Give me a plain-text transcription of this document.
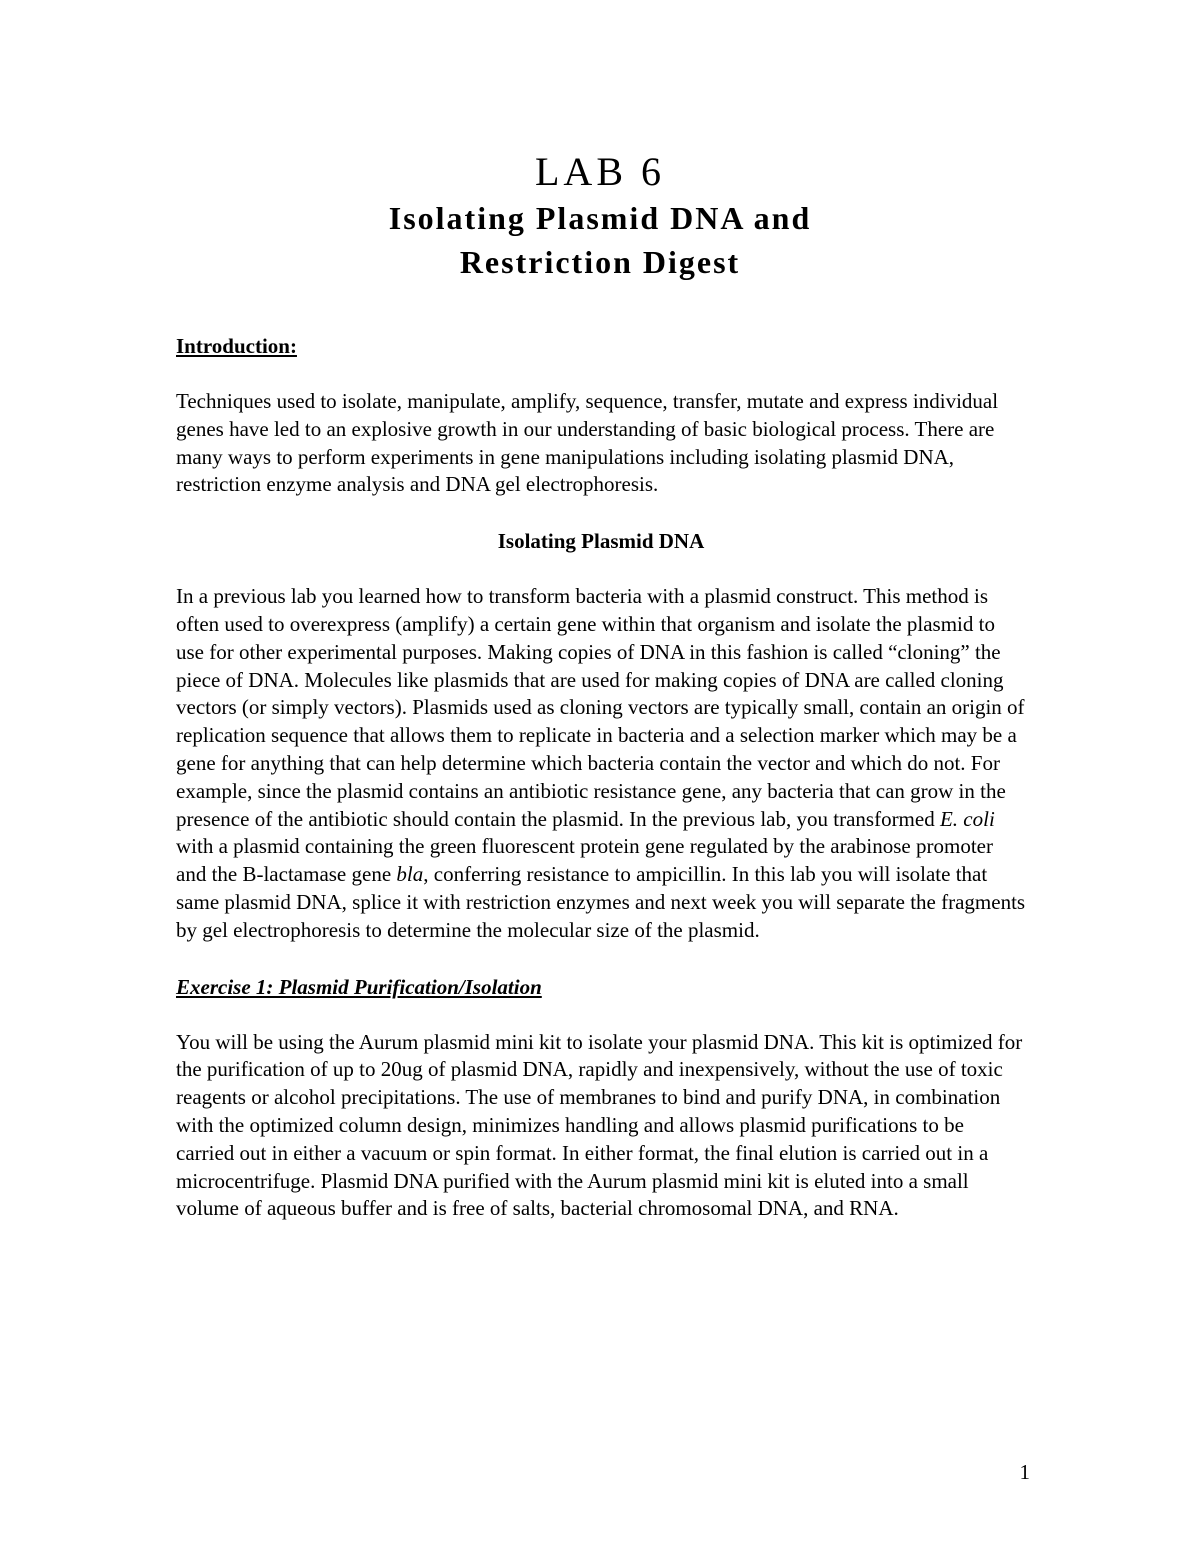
LAB 6
Isolating Plasmid DNA and
Restriction Digest
Introduction:

Techniques used to isolate, manipulate, amplify, sequence, transfer, mutate and express individual genes have led to an explosive growth in our understanding of basic biological process. There are many ways to perform experiments in gene manipulations including isolating plasmid DNA, restriction enzyme analysis and DNA gel electrophoresis.

Isolating Plasmid DNA

In a previous lab you learned how to transform bacteria with a plasmid construct. This method is often used to overexpress (amplify) a certain gene within that organism and isolate the plasmid to use for other experimental purposes. Making copies of DNA in this fashion is called “cloning” the piece of DNA. Molecules like plasmids that are used for making copies of DNA are called cloning vectors (or simply vectors). Plasmids used as cloning vectors are typically small, contain an origin of replication sequence that allows them to replicate in bacteria and a selection marker which may be a gene for anything that can help determine which bacteria contain the vector and which do not. For example, since the plasmid contains an antibiotic resistance gene, any bacteria that can grow in the presence of the antibiotic should contain the plasmid. In the previous lab, you transformed E. coli with a plasmid containing the green fluorescent protein gene regulated by the arabinose promoter and the B-lactamase gene bla, conferring resistance to ampicillin. In this lab you will isolate that same plasmid DNA, splice it with restriction enzymes and next week you will separate the fragments by gel electrophoresis to determine the molecular size of the plasmid.

Exercise 1: Plasmid Purification/Isolation

You will be using the Aurum plasmid mini kit to isolate your plasmid DNA. This kit is optimized for the purification of up to 20ug of plasmid DNA, rapidly and inexpensively, without the use of toxic reagents or alcohol precipitations. The use of membranes to bind and purify DNA, in combination with the optimized column design, minimizes handling and allows plasmid purifications to be carried out in either a vacuum or spin format. In either format, the final elution is carried out in a microcentrifuge. Plasmid DNA purified with the Aurum plasmid mini kit is eluted into a small volume of aqueous buffer and is free of salts, bacterial chromosomal DNA, and RNA.

1
